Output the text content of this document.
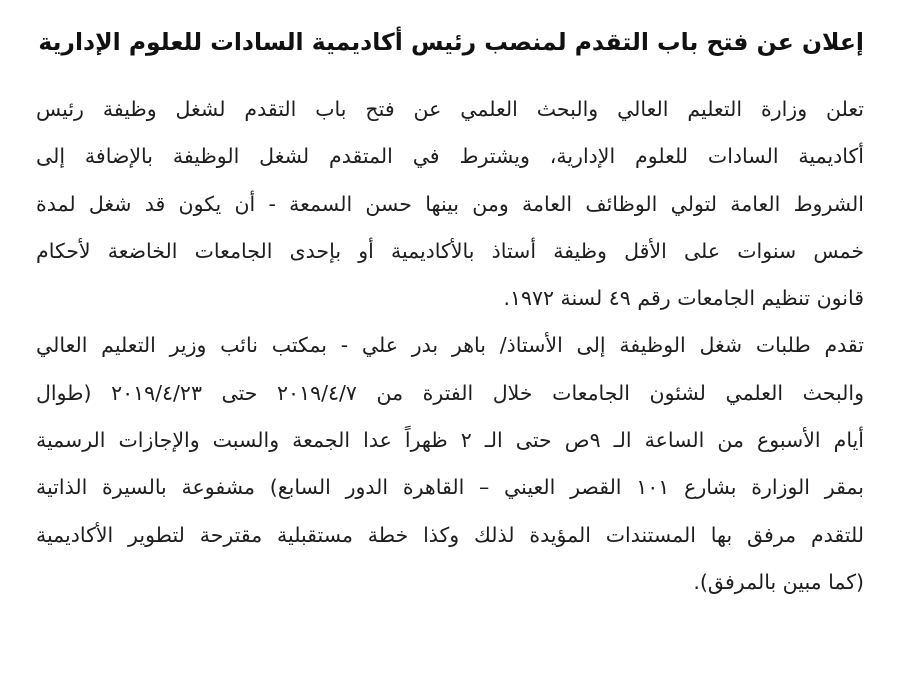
إعلان عن فتح باب التقدم لمنصب رئيس أكاديمية السادات للعلوم الإدارية
تعلن وزارة التعليم العالي والبحث العلمي عن فتح باب التقدم لشغل وظيفة رئيس
أكاديمية السادات للعلوم الإدارية، ويشترط في المتقدم لشغل الوظيفة بالإضافة إلى
الشروط العامة لتولي الوظائف العامة ومن بينها حسن السمعة - أن يكون قد شغل لمدة
خمس سنوات على الأقل وظيفة أستاذ بالأكاديمية أو بإحدى الجامعات الخاضعة لأحكام
قانون تنظيم الجامعات رقم ٤٩ لسنة ١٩٧٢.
تقدم طلبات شغل الوظيفة إلى الأستاذ/ باهر بدر علي - بمكتب نائب وزير التعليم العالي
والبحث العلمي لشئون الجامعات خلال الفترة من ٢٠١٩/٤/٧ حتى ٢٠١٩/٤/٢٣ (طوال
أيام الأسبوع من الساعة الـ ٩ص حتى الـ ٢ ظهراً عدا الجمعة والسبت والإجازات الرسمية
بمقر الوزارة بشارع ١٠١ القصر العيني – القاهرة الدور السابع) مشفوعة بالسيرة الذاتية
للتقدم مرفق بها المستندات المؤيدة لذلك وكذا خطة مستقبلية مقترحة لتطوير الأكاديمية
(كما مبين بالمرفق).
